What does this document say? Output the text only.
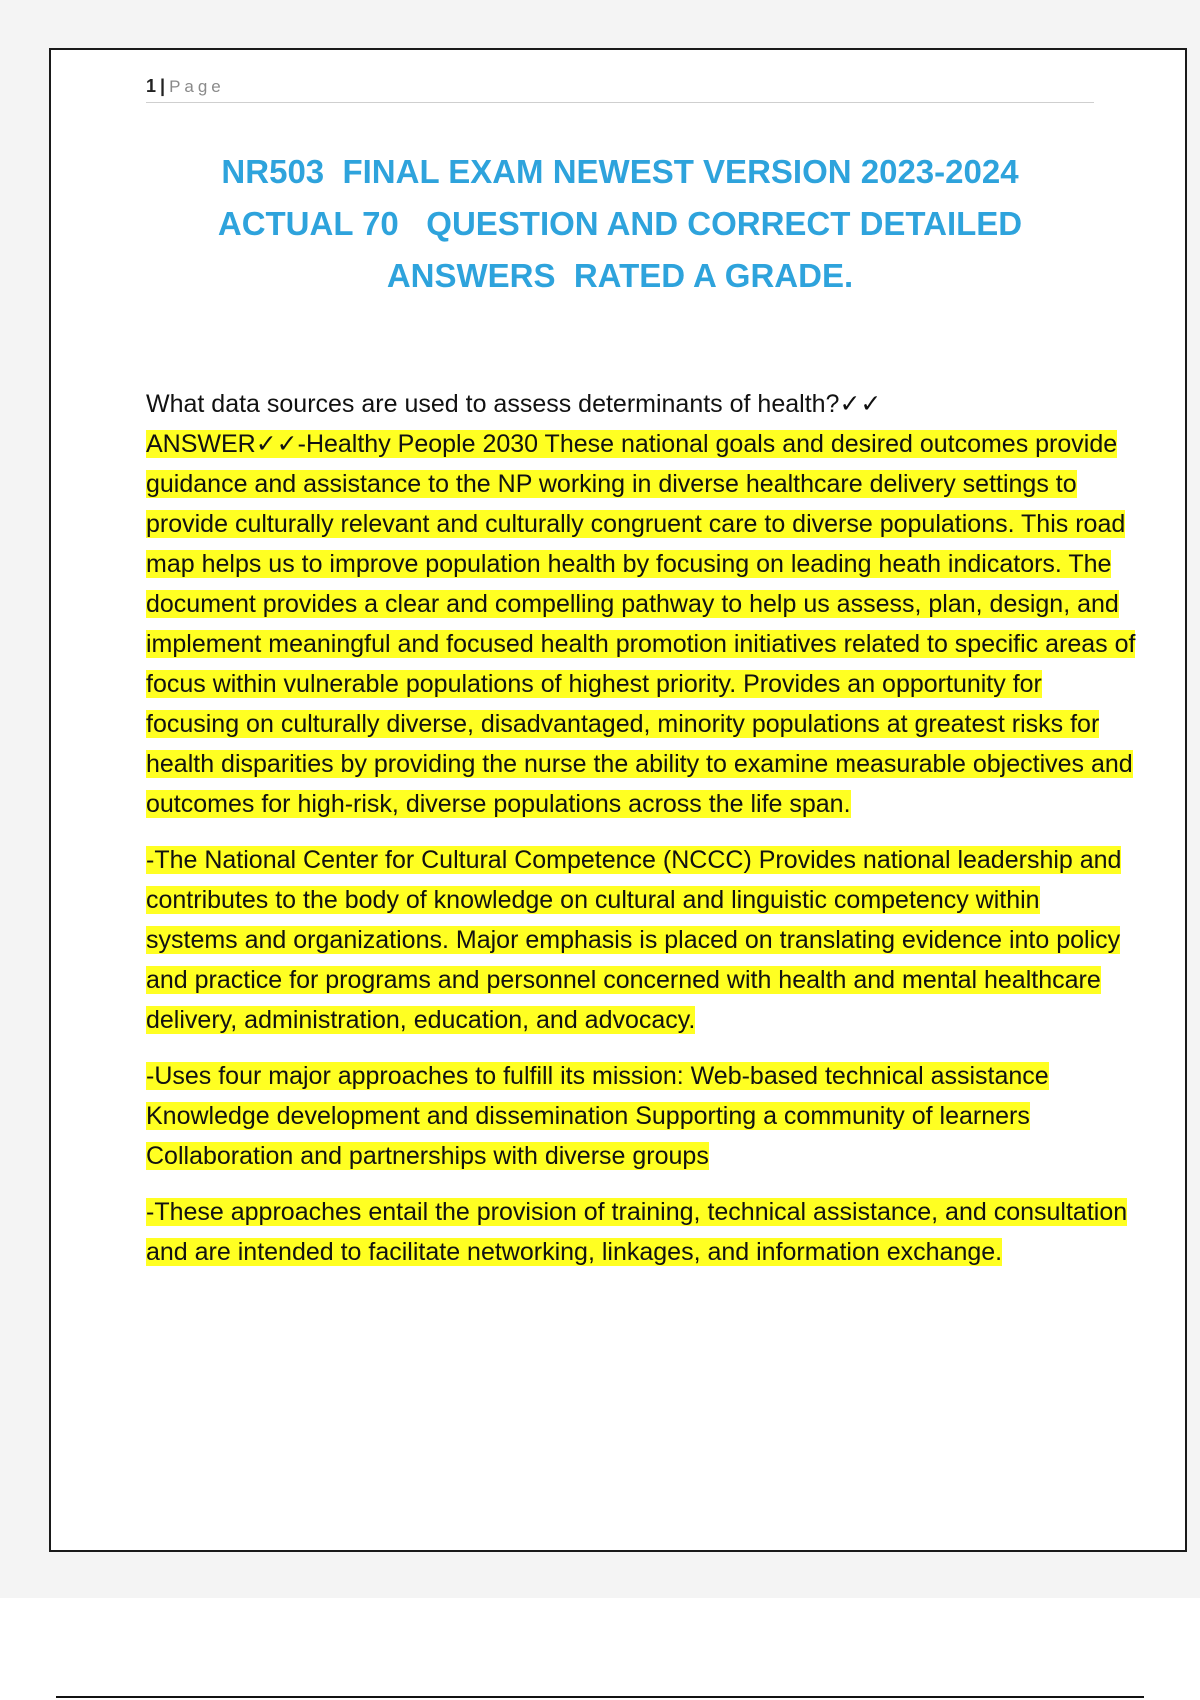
1 | Page
NR503  FINAL EXAM NEWEST VERSION 2023-2024
ACTUAL 70   QUESTION AND CORRECT DETAILED
ANSWERS  RATED A GRADE.

What data sources are used to assess determinants of health?✓✓

ANSWER✓✓-Healthy People 2030 These national goals and desired outcomes provide guidance and assistance to the NP working in diverse healthcare delivery settings to provide culturally relevant and culturally congruent care to diverse populations. This road map helps us to improve population health by focusing on leading heath indicators. The document provides a clear and compelling pathway to help us assess, plan, design, and implement meaningful and focused health promotion initiatives related to specific areas of focus within vulnerable populations of highest priority. Provides an opportunity for focusing on culturally diverse, disadvantaged, minority populations at greatest risks for health disparities by providing the nurse the ability to examine measurable objectives and outcomes for high-risk, diverse populations across the life span.

-The National Center for Cultural Competence (NCCC) Provides national leadership and contributes to the body of knowledge on cultural and linguistic competency within systems and organizations. Major emphasis is placed on translating evidence into policy and practice for programs and personnel concerned with health and mental healthcare delivery, administration, education, and advocacy.

-Uses four major approaches to fulfill its mission: Web-based technical assistance Knowledge development and dissemination Supporting a community of learners Collaboration and partnerships with diverse groups

-These approaches entail the provision of training, technical assistance, and consultation and are intended to facilitate networking, linkages, and information exchange.
